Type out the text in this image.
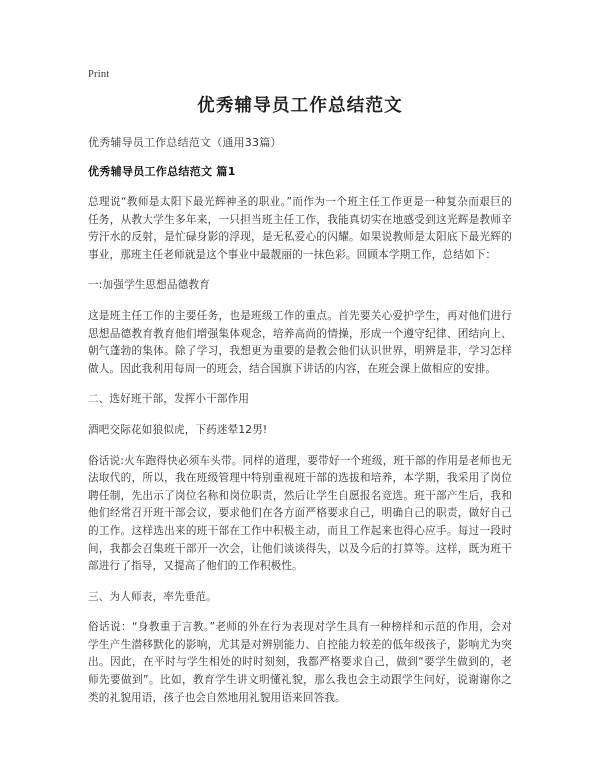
Print
优秀辅导员工作总结范文

优秀辅导员工作总结范文（通用33篇）

优秀辅导员工作总结范文 篇1

总理说“教师是太阳下最光辉神圣的职业。”而作为一个班主任工作更是一种复杂而艰巨的任务，从教大学生多年来，一只担当班主任工作，我能真切实在地感受到这光辉是教师辛劳汗水的反射，是忙碌身影的浮现，是无私爱心的闪耀。如果说教师是太阳底下最光辉的事业，那班主任老师就是这个事业中最靓丽的一抹色彩。回顾本学期工作，总结如下：

一:加强学生思想品德教育

这是班主任工作的主要任务，也是班级工作的重点。首先要关心爱护学生，再对他们进行思想品德教育教育他们增强集体观念，培养高尚的情操，形成一个遵守纪律、团结向上、朝气蓬勃的集体。除了学习，我想更为重要的是教会他们认识世界，明辨是非，学习怎样做人。因此我利用每周一的班会，结合国旗下讲话的内容，在班会课上做相应的安排。

二、选好班干部，发挥小干部作用

酒吧交际花如狼似虎，下药迷晕12男!

俗话说:火车跑得快必须车头带。同样的道理，要带好一个班级，班干部的作用是老师也无法取代的，所以，我在班级管理中特别重视班干部的选拔和培养，本学期，我采用了岗位聘任制，先出示了岗位名称和岗位职责，然后让学生自愿报名竞选。班干部产生后，我和他们经常召开班干部会议，要求他们在各方面严格要求自己，明确自己的职责，做好自己的工作。这样选出来的班干部在工作中积极主动，而且工作起来也得心应手。每过一段时间，我都会召集班干部开一次会，让他们谈谈得失，以及今后的打算等。这样，既为班干部进行了指导，又提高了他们的工作积极性。

三、为人师表，率先垂范。

俗话说：“身教重于言教。”老师的外在行为表现对学生具有一种榜样和示范的作用，会对学生产生潜移默化的影响，尤其是对辨别能力、自控能力较差的低年级孩子，影响尤为突出。因此，在平时与学生相处的时时刻刻，我都严格要求自己，做到“要学生做到的，老师先要做到”。比如，教育学生讲文明懂礼貌，那么我也会主动跟学生问好，说谢谢你之类的礼貌用语，孩子也会自然地用礼貌用语来回答我。
